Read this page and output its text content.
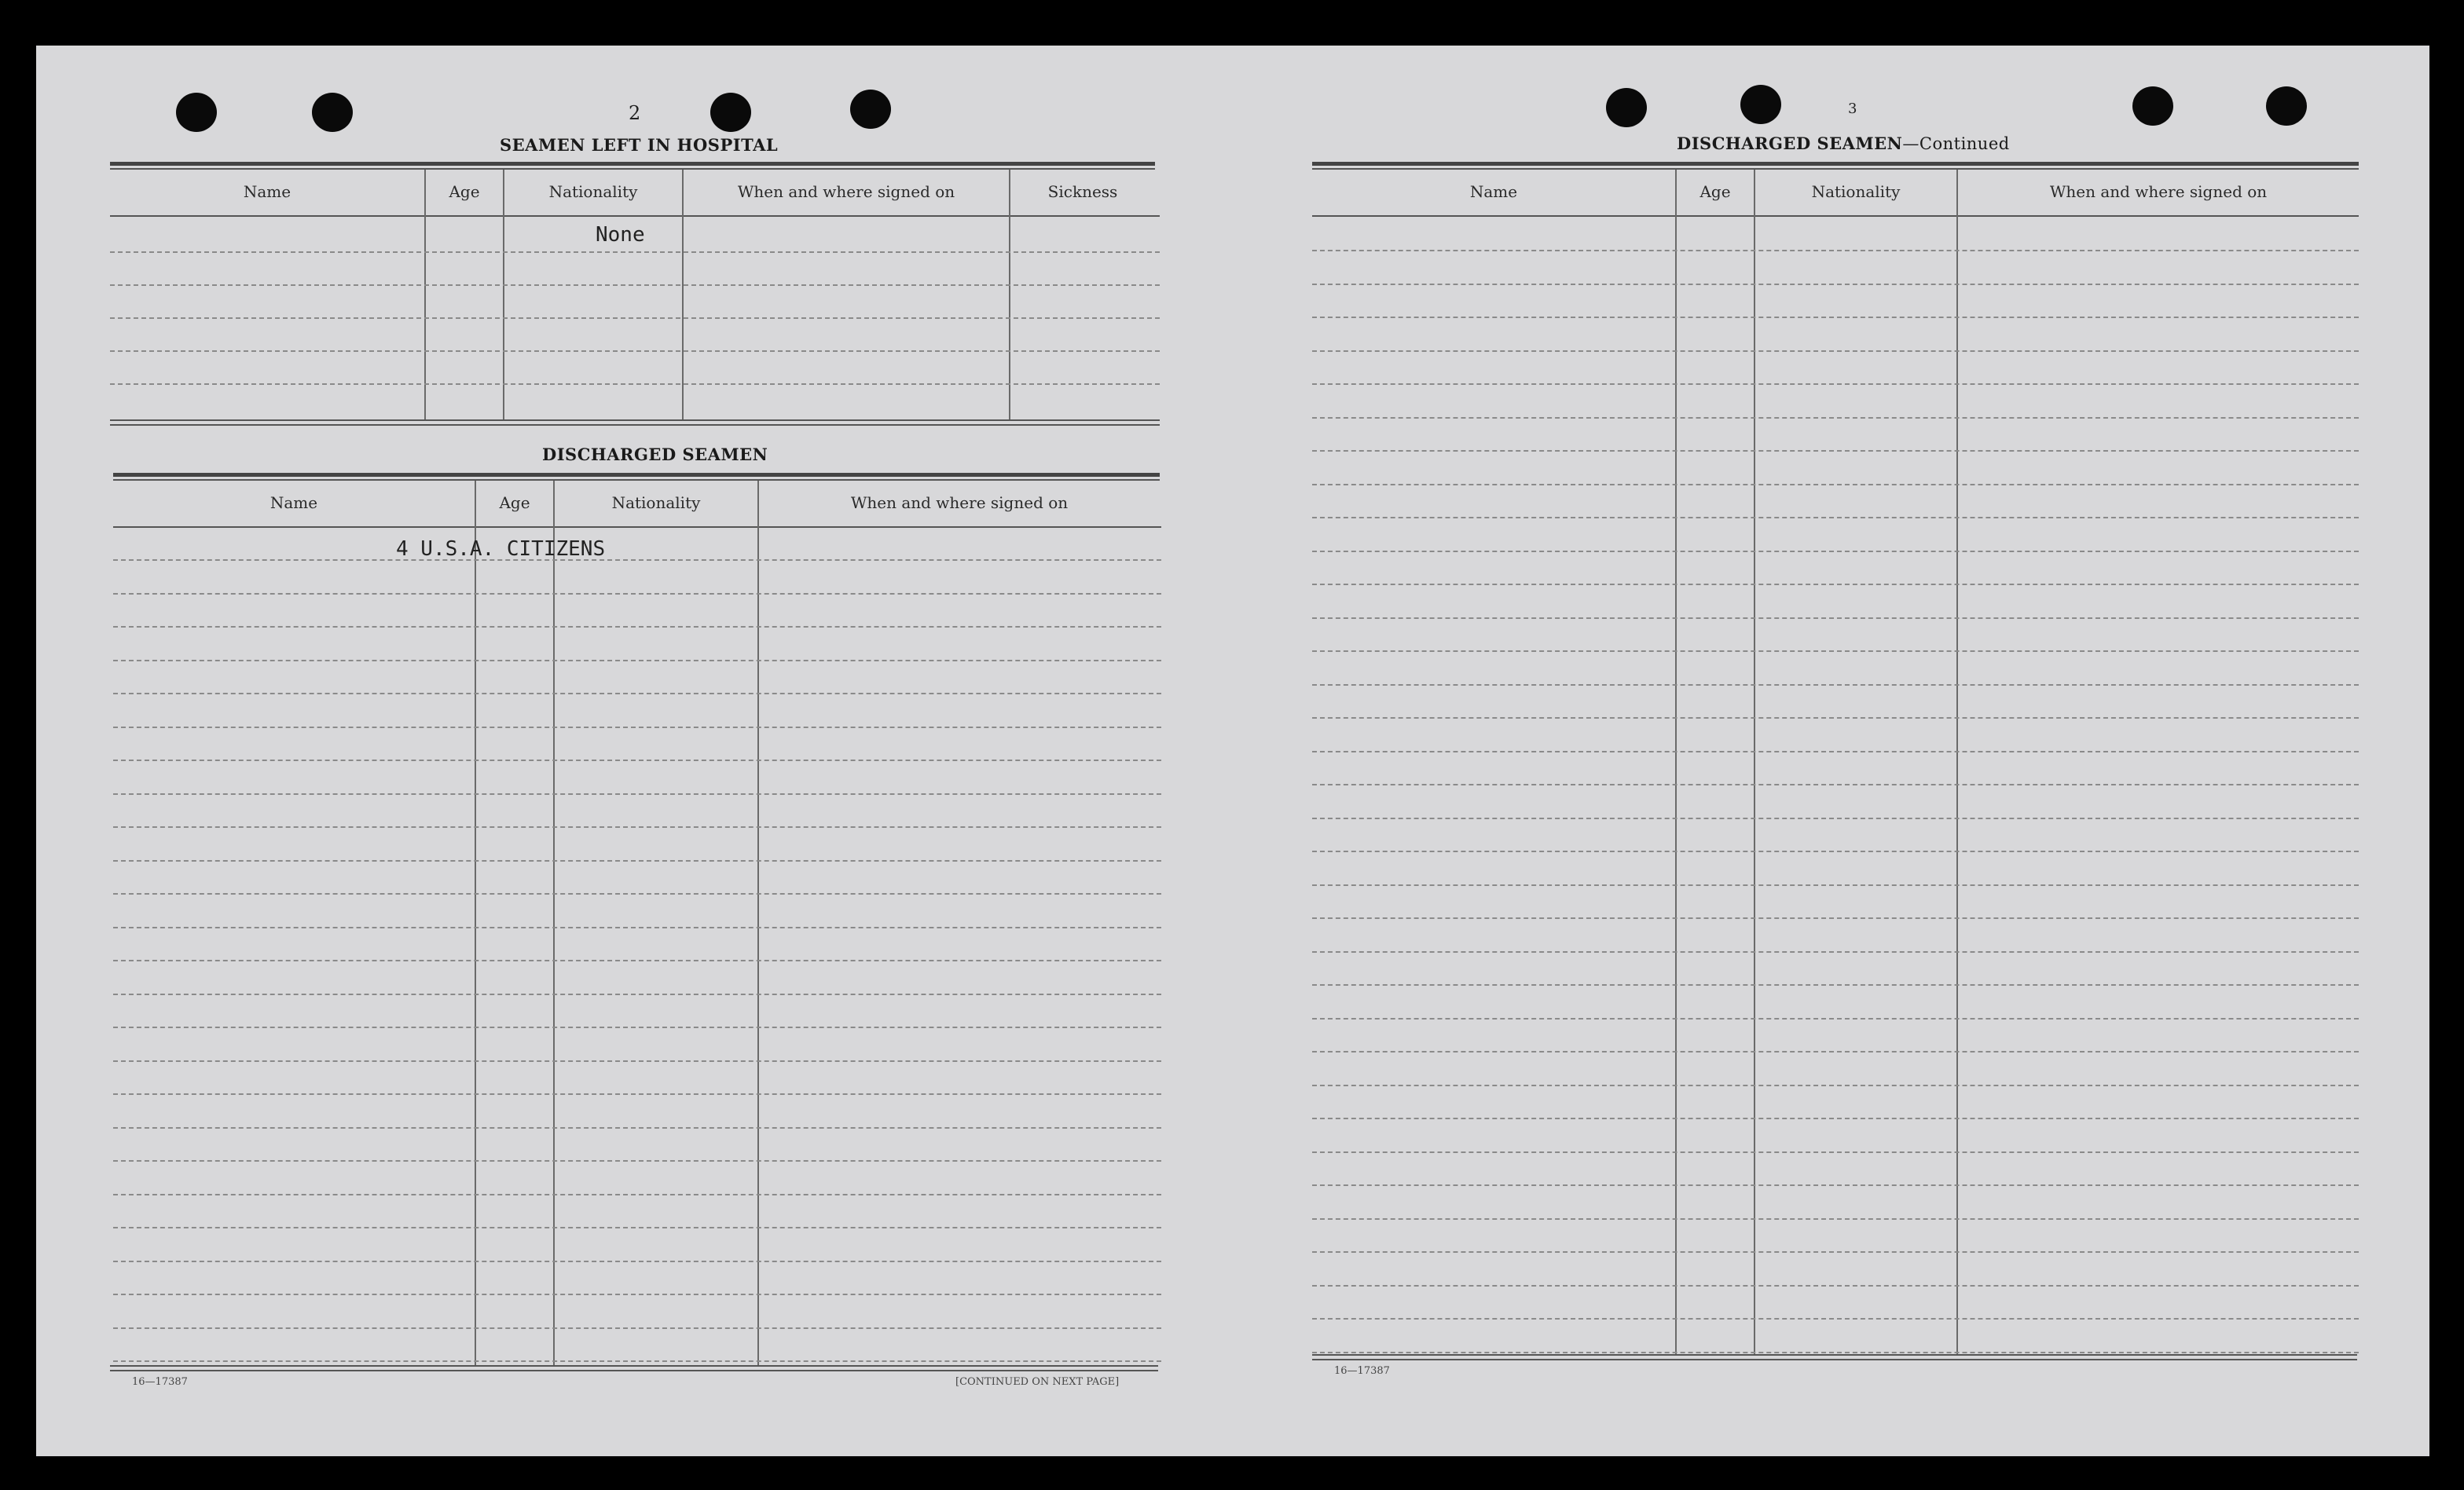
2
SEAMEN LEFT IN HOSPITAL
Name	Age	Nationality	When and where signed on	Sickness
None
DISCHARGED SEAMEN
Name	Age	Nationality	When and where signed on
4 U.S.A. CITIZENS
16—17387	[CONTINUED ON NEXT PAGE]
3
DISCHARGED SEAMEN—Continued
Name	Age	Nationality	When and where signed on
16—17387
